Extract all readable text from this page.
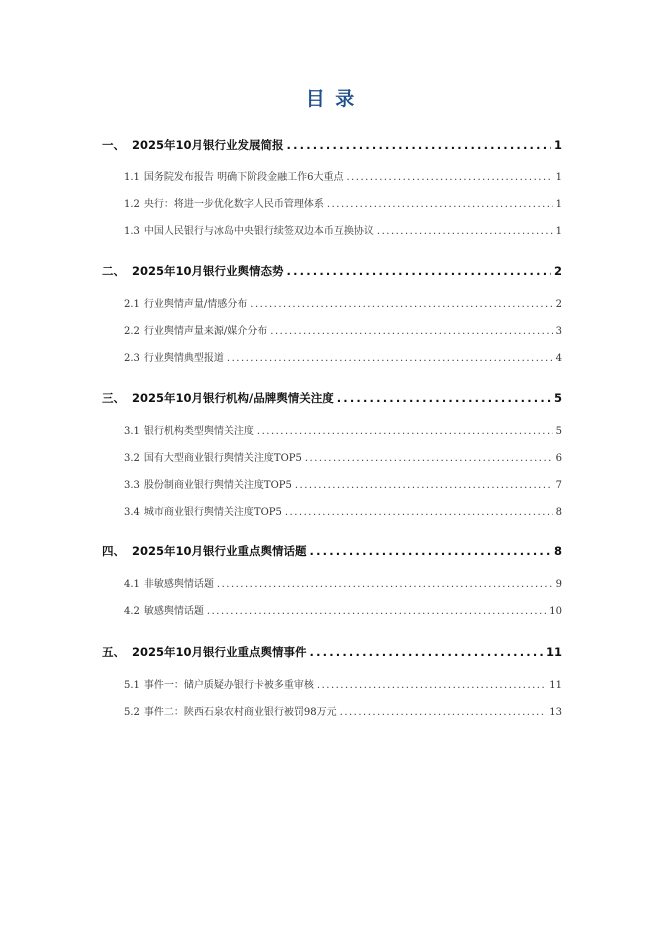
目 录
一、 2025年10月银行业发展简报 .....	1
1.1 国务院发布报告 明确下阶段金融工作6大重点 .....	1
1.2 央行：将进一步优化数字人民币管理体系 .....	1
1.3 中国人民银行与冰岛中央银行续签双边本币互换协议 .....	1
二、 2025年10月银行业舆情态势 .....	2
2.1 行业舆情声量/情感分布 .....	2
2.2 行业舆情声量来源/媒介分布 .....	3
2.3 行业舆情典型报道 .....	4
三、 2025年10月银行机构/品牌舆情关注度 .....	5
3.1 银行机构类型舆情关注度 .....	5
3.2 国有大型商业银行舆情关注度TOP5 .....	6
3.3 股份制商业银行舆情关注度TOP5 .....	7
3.4 城市商业银行舆情关注度TOP5 .....	8
四、 2025年10月银行业重点舆情话题 .....	8
4.1 非敏感舆情话题 .....	9
4.2 敏感舆情话题 .....	10
五、 2025年10月银行业重点舆情事件 .....	11
5.1 事件一：储户质疑办银行卡被多重审核 .....	11
5.2 事件二：陕西石泉农村商业银行被罚98万元 .....	13
